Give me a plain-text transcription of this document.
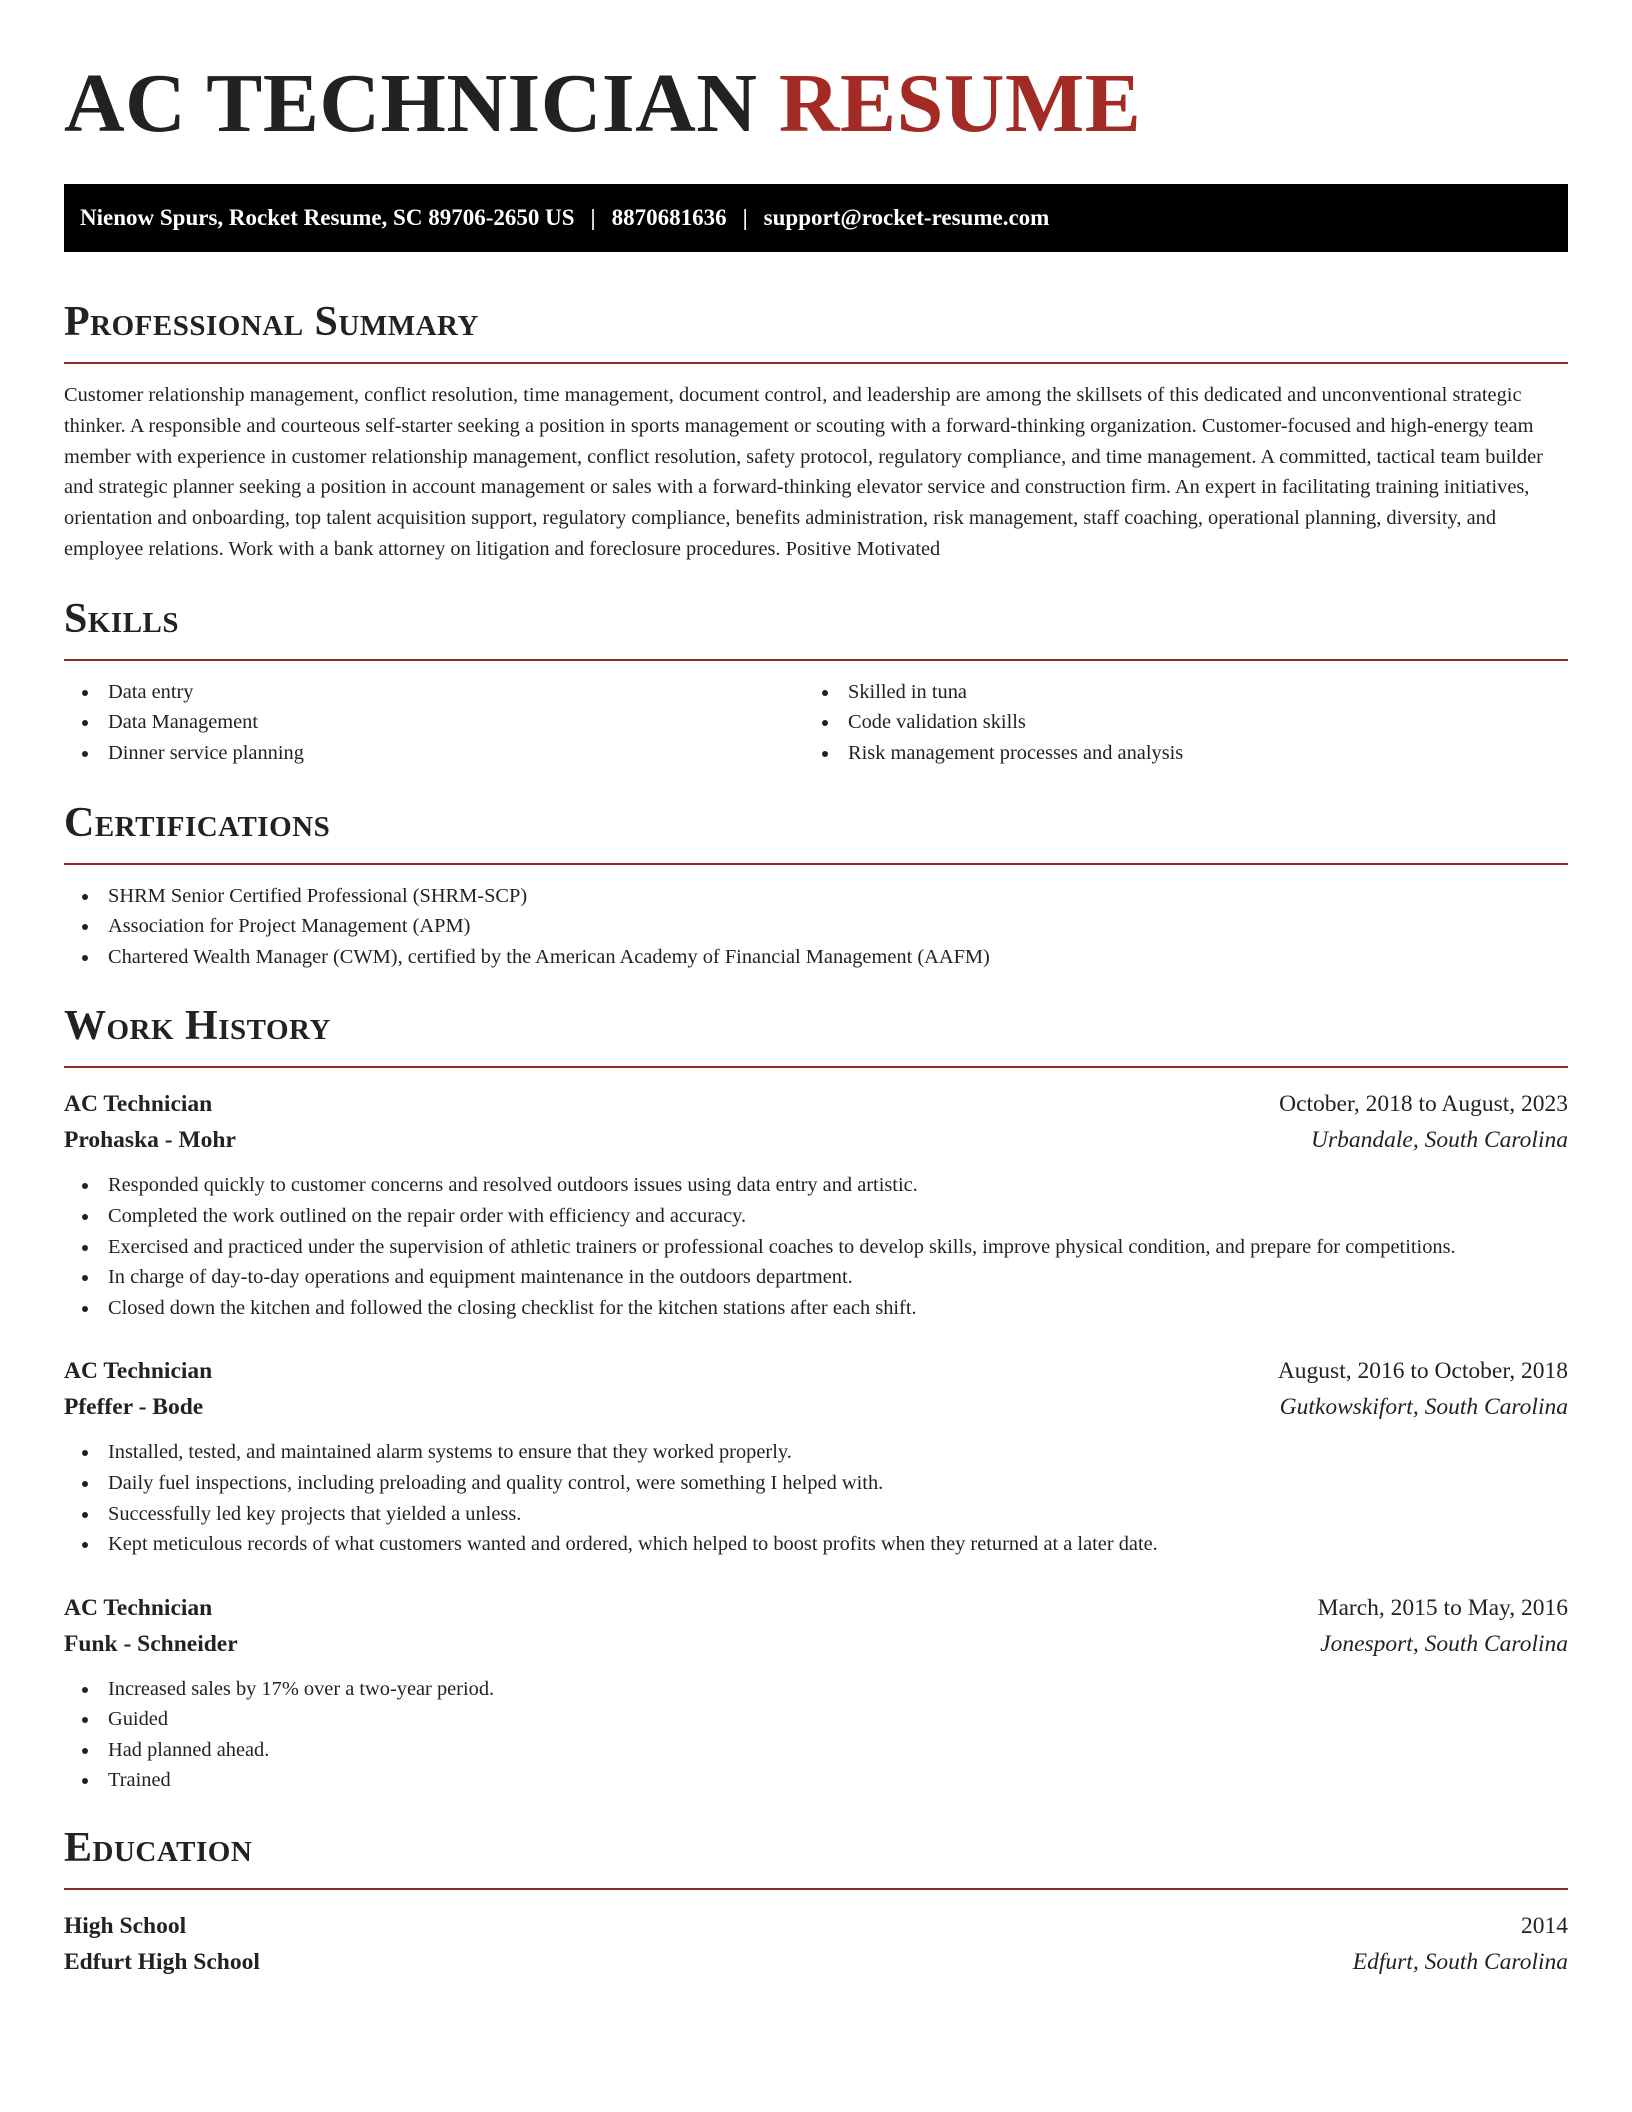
AC TECHNICIAN RESUME
Nienow Spurs, Rocket Resume, SC 89706-2650 US | 8870681636 | support@rocket-resume.com
Professional Summary

Customer relationship management, conflict resolution, time management, document control, and leadership are among the skillsets of this dedicated and unconventional strategic thinker. A responsible and courteous self-starter seeking a position in sports management or scouting with a forward-thinking organization. Customer-focused and high-energy team member with experience in customer relationship management, conflict resolution, safety protocol, regulatory compliance, and time management. A committed, tactical team builder and strategic planner seeking a position in account management or sales with a forward-thinking elevator service and construction firm. An expert in facilitating training initiatives, orientation and onboarding, top talent acquisition support, regulatory compliance, benefits administration, risk management, staff coaching, operational planning, diversity, and employee relations. Work with a bank attorney on litigation and foreclosure procedures. Positive Motivated

Skills
Data entry
Data Management
Dinner service planning
Skilled in tuna
Code validation skills
Risk management processes and analysis
Certifications
SHRM Senior Certified Professional (SHRM-SCP)
Association for Project Management (APM)
Chartered Wealth Manager (CWM), certified by the American Academy of Financial Management (AAFM)
Work History
AC Technician	October, 2018 to August, 2023
Prohaska - Mohr	Urbandale, South Carolina
Responded quickly to customer concerns and resolved outdoors issues using data entry and artistic.
Completed the work outlined on the repair order with efficiency and accuracy.
Exercised and practiced under the supervision of athletic trainers or professional coaches to develop skills, improve physical condition, and prepare for competitions.
In charge of day-to-day operations and equipment maintenance in the outdoors department.
Closed down the kitchen and followed the closing checklist for the kitchen stations after each shift.
AC Technician	August, 2016 to October, 2018
Pfeffer - Bode	Gutkowskifort, South Carolina
Installed, tested, and maintained alarm systems to ensure that they worked properly.
Daily fuel inspections, including preloading and quality control, were something I helped with.
Successfully led key projects that yielded a unless.
Kept meticulous records of what customers wanted and ordered, which helped to boost profits when they returned at a later date.
AC Technician	March, 2015 to May, 2016
Funk - Schneider	Jonesport, South Carolina
Increased sales by 17% over a two-year period.
Guided
Had planned ahead.
Trained
Education
High School	2014
Edfurt High School	Edfurt, South Carolina
